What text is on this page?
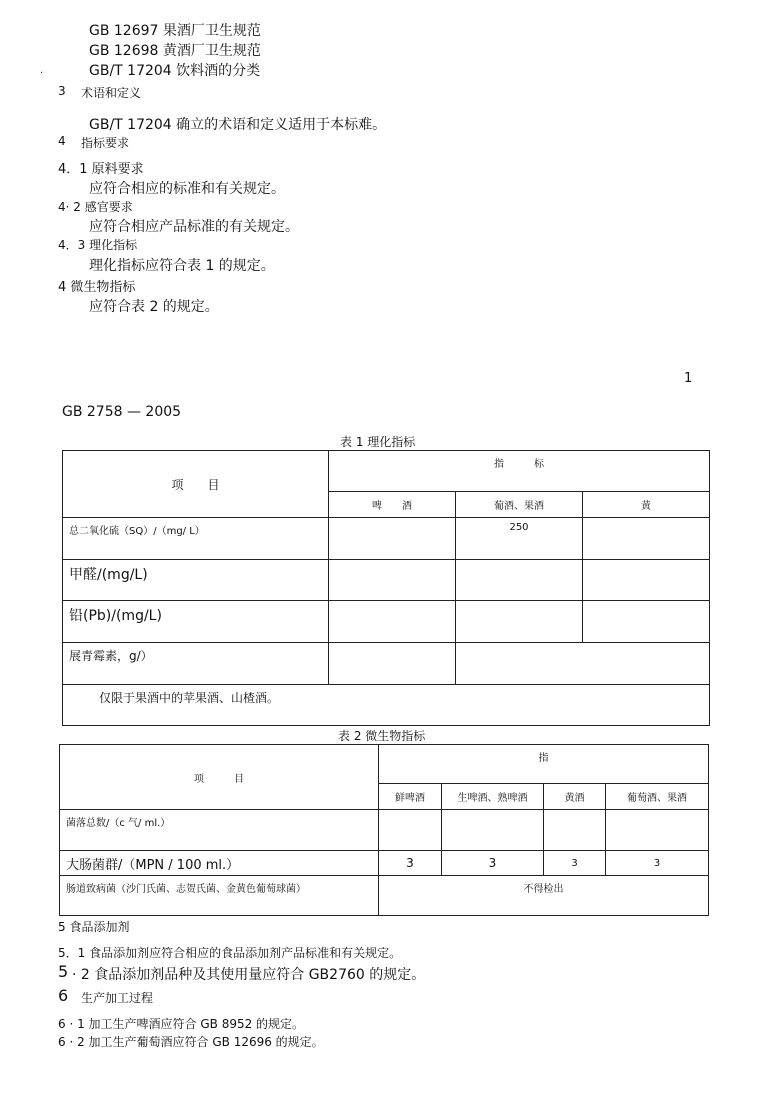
GB 12697 果酒厂卫生规范
GB 12698 黄酒厂卫生规范
GB/T 17204 饮料酒的分类
·
3 术语和定义
GB/T 17204 确立的术语和定义适用于本标难。
4 指标要求
4．1 原料要求
应符合相应的标准和有关规定。
4· 2 感官要求
应符合相应产品标准的有关规定。
4．3 理化指标
理化指标应符合表 1 的规定。
4 微生物指标
应符合表 2 的规定。
1
GB 2758 — 2005
表 1 理化指标
项　　目	指　　　标		
	啤　　酒	葡酒、果酒	黄
总二氧化硫（SQ）/（mg/ L）		250	
甲醛/(mg/L)			
铅(Pb)/(mg/L)			
展青霉素，g/）			
仅限于果酒中的苹果酒、山楂酒。			
表 2 微生物指标
项　　　目	指			
	鲜啤酒	生啤酒、熟啤酒	黄酒	葡萄酒、果酒
菌落总数/（c 气/ ml.）				
大肠菌群/（MPN / 100 ml.）	3	3	3	3
肠道致病菌（沙门氏菌、志贺氏菌、金黄色葡萄球菌）	不得检出			
5 食品添加剂
5．1 食品添加剂应符合相应的食品添加剂产品标准和有关规定。
5 · 2 食品添加剂品种及其使用量应符合 GB2760 的规定。
6 生产加工过程
6 · 1 加工生产啤酒应符合 GB 8952 的规定。
6 · 2 加工生产葡萄酒应符合 GB 12696 的规定。
